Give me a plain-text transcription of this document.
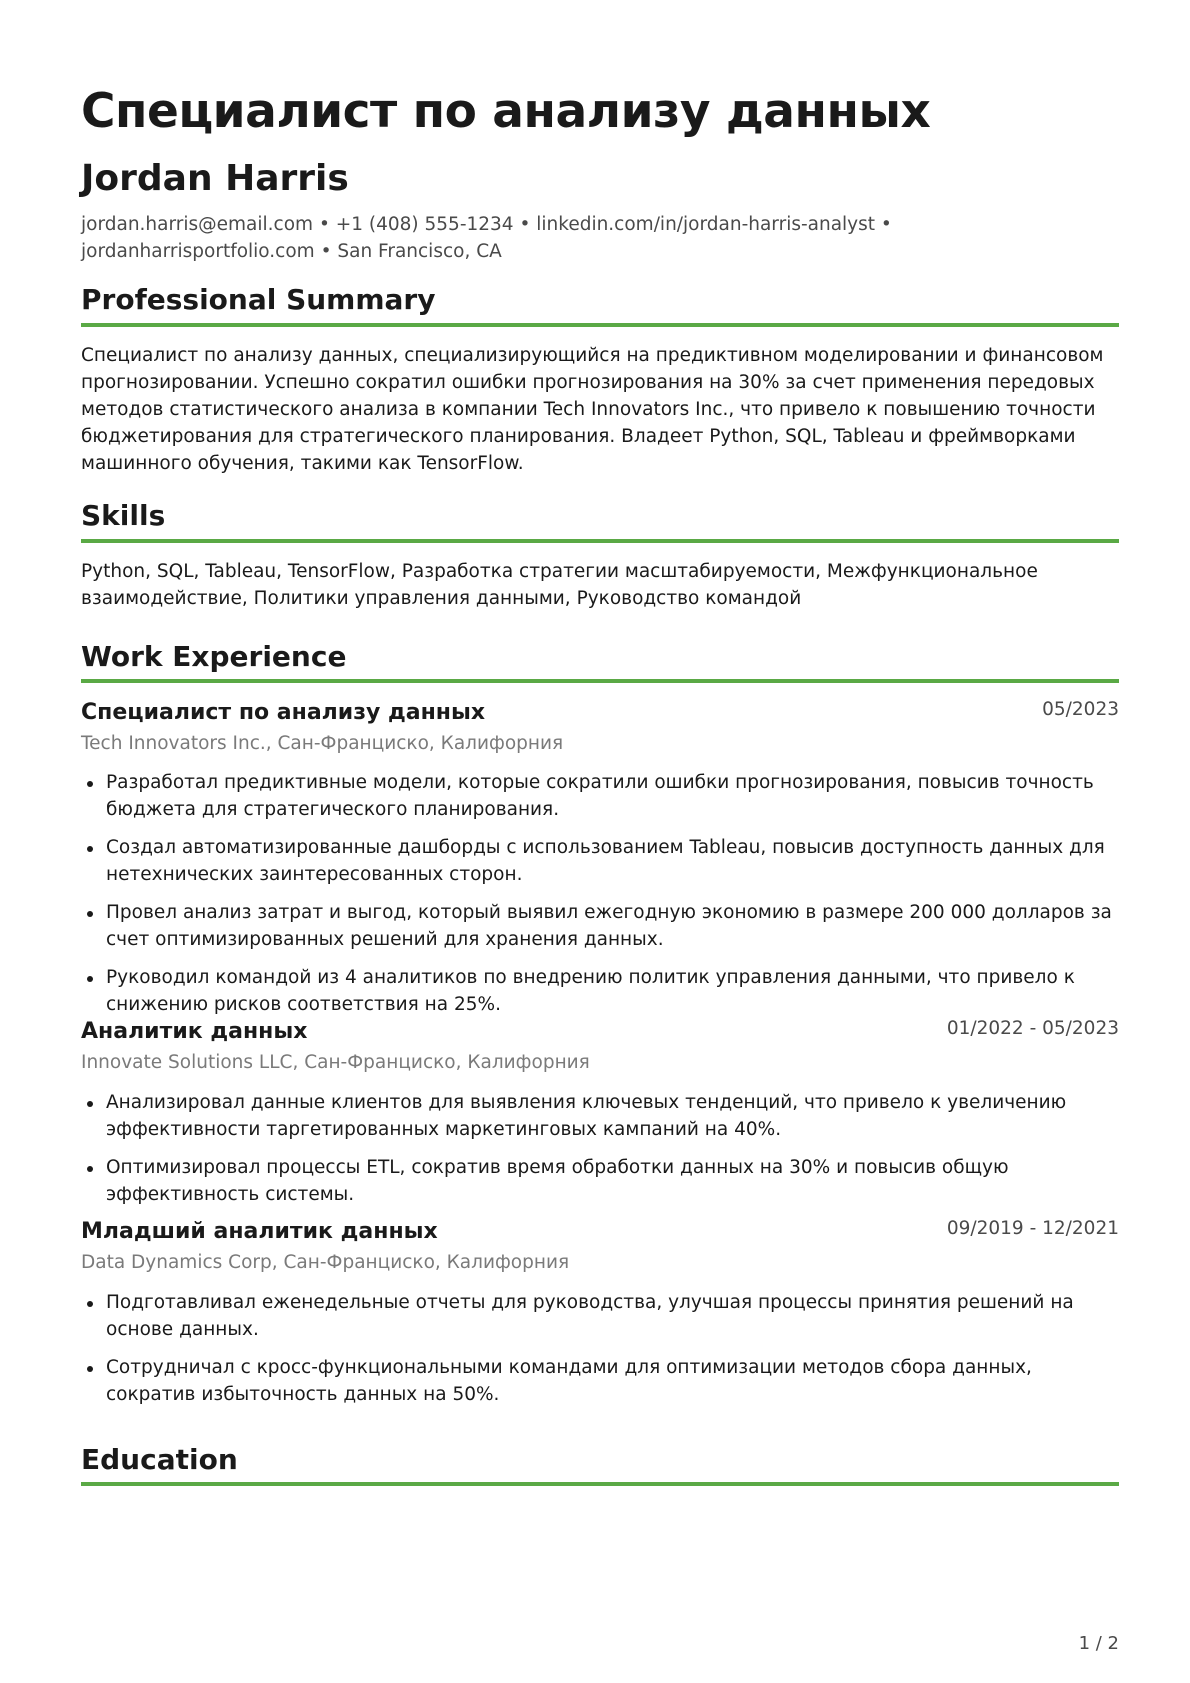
Специалист по анализу данных
Jordan Harris
jordan.harris@email.com • +1 (408) 555-1234 • linkedin.com/in/jordan-harris-analyst • jordanharrisportfolio.com • San Francisco, CA
Professional Summary
Специалист по анализу данных, специализирующийся на предиктивном моделировании и финансовом прогнозировании. Успешно сократил ошибки прогнозирования на 30% за счет применения передовых методов статистического анализа в компании Tech Innovators Inc., что привело к повышению точности бюджетирования для стратегического планирования. Владеет Python, SQL, Tableau и фреймворками машинного обучения, такими как TensorFlow.
Skills
Python, SQL, Tableau, TensorFlow, Разработка стратегии масштабируемости, Межфункциональное взаимодействие, Политики управления данными, Руководство командой
Work Experience
Специалист по анализу данных	05/2023
Tech Innovators Inc., Сан-Франциско, Калифорния
Разработал предиктивные модели, которые сократили ошибки прогнозирования, повысив точность бюджета для стратегического планирования.
Создал автоматизированные дашборды с использованием Tableau, повысив доступность данных для нетехнических заинтересованных сторон.
Провел анализ затрат и выгод, который выявил ежегодную экономию в размере 200 000 долларов за счет оптимизированных решений для хранения данных.
Руководил командой из 4 аналитиков по внедрению политик управления данными, что привело к снижению рисков соответствия на 25%.
Аналитик данных	01/2022 - 05/2023
Innovate Solutions LLC, Сан-Франциско, Калифорния
Анализировал данные клиентов для выявления ключевых тенденций, что привело к увеличению эффективности таргетированных маркетинговых кампаний на 40%.
Оптимизировал процессы ETL, сократив время обработки данных на 30% и повысив общую эффективность системы.
Младший аналитик данных	09/2019 - 12/2021
Data Dynamics Corp, Сан-Франциско, Калифорния
Подготавливал еженедельные отчеты для руководства, улучшая процессы принятия решений на основе данных.
Сотрудничал с кросс-функциональными командами для оптимизации методов сбора данных, сократив избыточность данных на 50%.
Education
1 / 2
